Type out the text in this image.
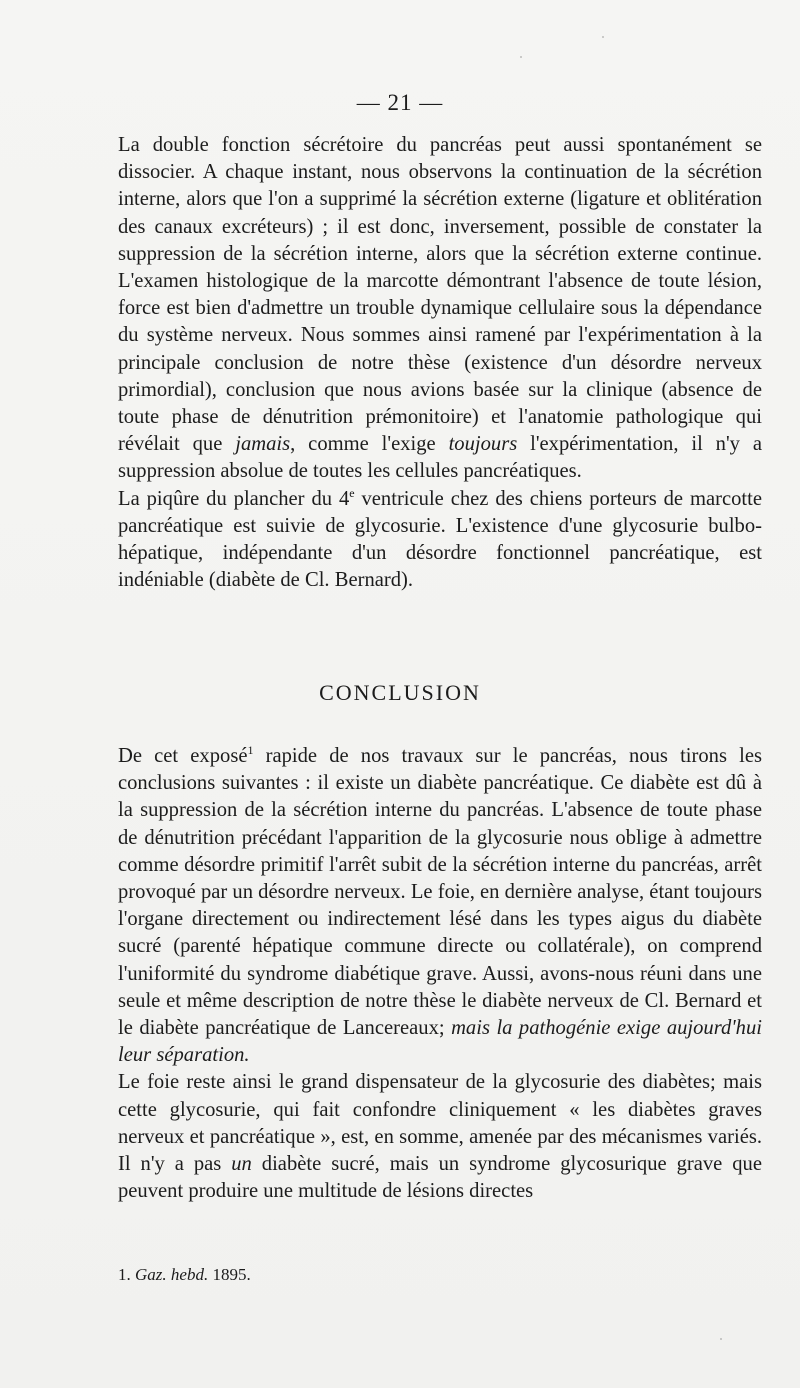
— 21 —

La double fonction sécrétoire du pancréas peut aussi spontanément se dissocier. A chaque instant, nous observons la continuation de la sécrétion interne, alors que l'on a supprimé la sécrétion externe (ligature et oblitération des canaux excréteurs) ; il est donc, inversement, possible de constater la suppression de la sécrétion interne, alors que la sécrétion externe continue. L'examen histologique de la marcotte démontrant l'absence de toute lésion, force est bien d'admettre un trouble dynamique cellulaire sous la dépendance du système nerveux. Nous sommes ainsi ramené par l'expérimentation à la principale conclusion de notre thèse (existence d'un désordre nerveux primordial), conclusion que nous avions basée sur la clinique (absence de toute phase de dénutrition prémonitoire) et l'anatomie pathologique qui révélait que jamais, comme l'exige toujours l'expérimentation, il n'y a suppression absolue de toutes les cellules pancréatiques.

La piqûre du plancher du 4e ventricule chez des chiens porteurs de marcotte pancréatique est suivie de glycosurie. L'existence d'une glycosurie bulbo-hépatique, indépendante d'un désordre fonctionnel pancréatique, est indéniable (diabète de Cl. Bernard).

CONCLUSION

De cet exposé$^1$ rapide de nos travaux sur le pancréas, nous tirons les conclusions suivantes : il existe un diabète pancréatique. Ce diabète est dû à la suppression de la sécrétion interne du pancréas. L'absence de toute phase de dénutrition précédant l'apparition de la glycosurie nous oblige à admettre comme désordre primitif l'arrêt subit de la sécrétion interne du pancréas, arrêt provoqué par un désordre nerveux. Le foie, en dernière analyse, étant toujours l'organe directement ou indirectement lésé dans les types aigus du diabète sucré (parenté hépatique commune directe ou collatérale), on comprend l'uniformité du syndrome diabétique grave. Aussi, avons-nous réuni dans une seule et même description de notre thèse le diabète nerveux de Cl. Bernard et le diabète pancréatique de Lancereaux; mais la pathogénie exige aujourd'hui leur séparation.

Le foie reste ainsi le grand dispensateur de la glycosurie des diabètes; mais cette glycosurie, qui fait confondre cliniquement « les diabètes graves nerveux et pancréatique », est, en somme, amenée par des mécanismes variés. Il n'y a pas un diabète sucré, mais un syndrome glycosurique grave que peuvent produire une multitude de lésions directes

1. Gaz. hebd. 1895.
